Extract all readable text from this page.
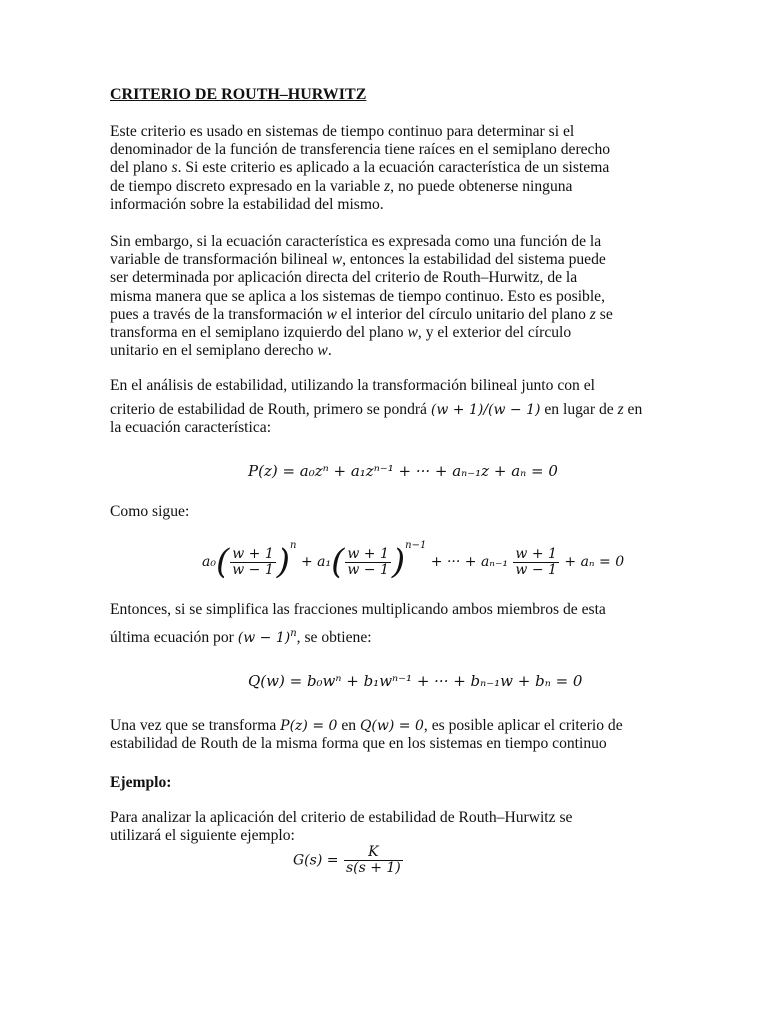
CRITERIO DE ROUTH–HURWITZ
Este criterio es usado en sistemas de tiempo continuo para determinar si el
denominador de la función de transferencia tiene raíces en el semiplano derecho
del plano s. Si este criterio es aplicado a la ecuación característica de un sistema
de tiempo discreto expresado en la variable z, no puede obtenerse ninguna
información sobre la estabilidad del mismo.
Sin embargo, si la ecuación característica es expresada como una función de la
variable de transformación bilineal w, entonces la estabilidad del sistema puede
ser determinada por aplicación directa del criterio de Routh–Hurwitz, de la
misma manera que se aplica a los sistemas de tiempo continuo. Esto es posible,
pues a través de la transformación w el interior del círculo unitario del plano z se
transforma en el semiplano izquierdo del plano w, y el exterior del círculo
unitario en el semiplano derecho w.
En el análisis de estabilidad, utilizando la transformación bilineal junto con el
criterio de estabilidad de Routh, primero se pondrá (w + 1)/(w − 1) en lugar de z en
la ecuación característica:
P(z) = a₀zⁿ + a₁zⁿ⁻¹ + ··· + aₙ₋₁z + aₙ = 0
Como sigue:
$a_0( \frac{w + 1}{w - 1} )^n + a_1( \frac{w + 1}{w - 1} )^{n-1}$ + ··· + $a_{n-1} \frac{w + 1}{w - 1} + a_n = 0$
Entonces, si se simplifica las fracciones multiplicando ambos miembros de esta
última ecuación por $(w - 1)^n$, se obtiene:
Q(w) = b₀wⁿ + b₁wⁿ⁻¹ + ··· + bₙ₋₁w + bₙ = 0
Una vez que se transforma P(z) = 0 en Q(w) = 0, es posible aplicar el criterio de
estabilidad de Routh de la misma forma que en los sistemas en tiempo continuo
Ejemplo:
Para analizar la aplicación del criterio de estabilidad de Routh–Hurwitz se
utilizará el siguiente ejemplo:
$G(s) = \frac{K}{s(s + 1)}$
